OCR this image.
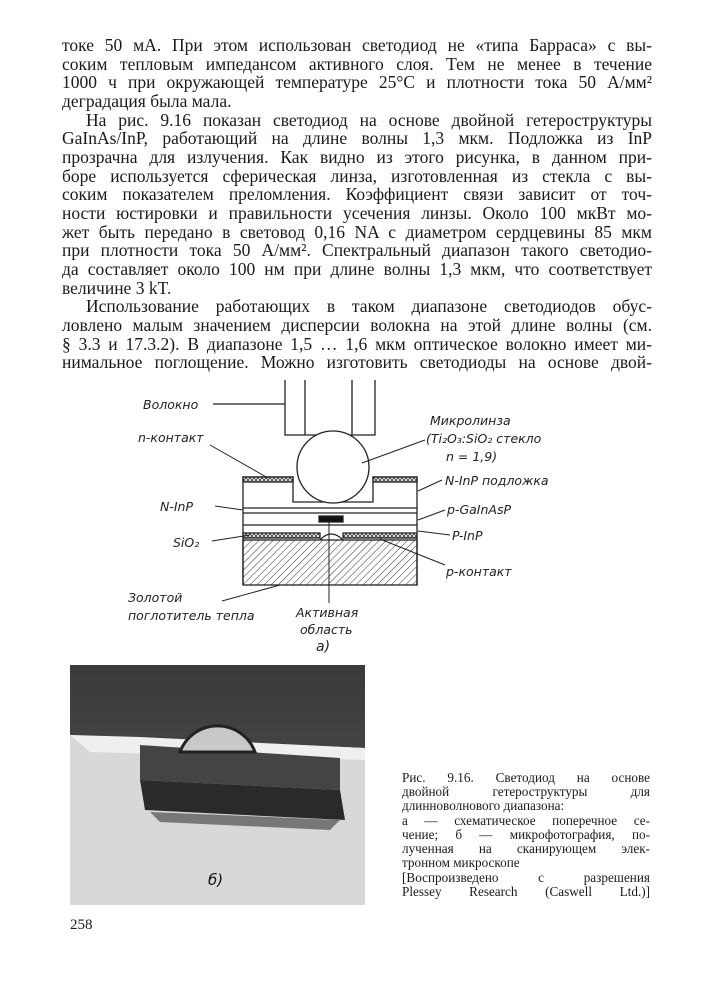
токе 50 мА. При этом использован светодиод не «типа Барраса» с вы-
соким тепловым импедансом активного слоя. Тем не менее в течение
1000 ч при окружающей температуре 25°C и плотности тока 50 А/мм²
деградация была мала.
На рис. 9.16 показан светодиод на основе двойной гетероструктуры
GaInAs/InP, работающий на длине волны 1,3 мкм. Подложка из InP
прозрачна для излучения. Как видно из этого рисунка, в данном при-
боре используется сферическая линза, изготовленная из стекла с вы-
соким показателем преломления. Коэффициент связи зависит от точ-
ности юстировки и правильности усечения линзы. Около 100 мкВт мо-
жет быть передано в световод 0,16 NA с диаметром сердцевины 85 мкм
при плотности тока 50 А/мм². Спектральный диапазон такого светодио-
да составляет около 100 нм при длине волны 1,3 мкм, что соответствует
величине 3 kT.
Использование работающих в таком диапазоне светодиодов обус-
ловлено малым значением дисперсии волокна на этой длине волны (см.
§ 3.3 и 17.3.2). В диапазоне 1,5 … 1,6 мкм оптическое волокно имеет ми-
нимальное поглощение. Можно изготовить светодиоды на основе двой-
Волокно
n-контакт
N-InP
SiO₂
Золотой
поглотитель тепла	Активная
область
а)
Микролинза
(Ti₂O₃:SiO₂ стекло
n = 1,9)
N-InP подложка
p-GaInAsP
P-InP
p-контакт
б)
Рис. 9.16. Светодиод на основе
двойной гетероструктуры для
длинноволнового диапазона:
а — схематическое поперечное се-
чение; б — микрофотография, по-
лученная на сканирующем элек-
тронном микроскопе
[Воспроизведено с разрешения
Plessey Research (Caswell Ltd.)]
258
